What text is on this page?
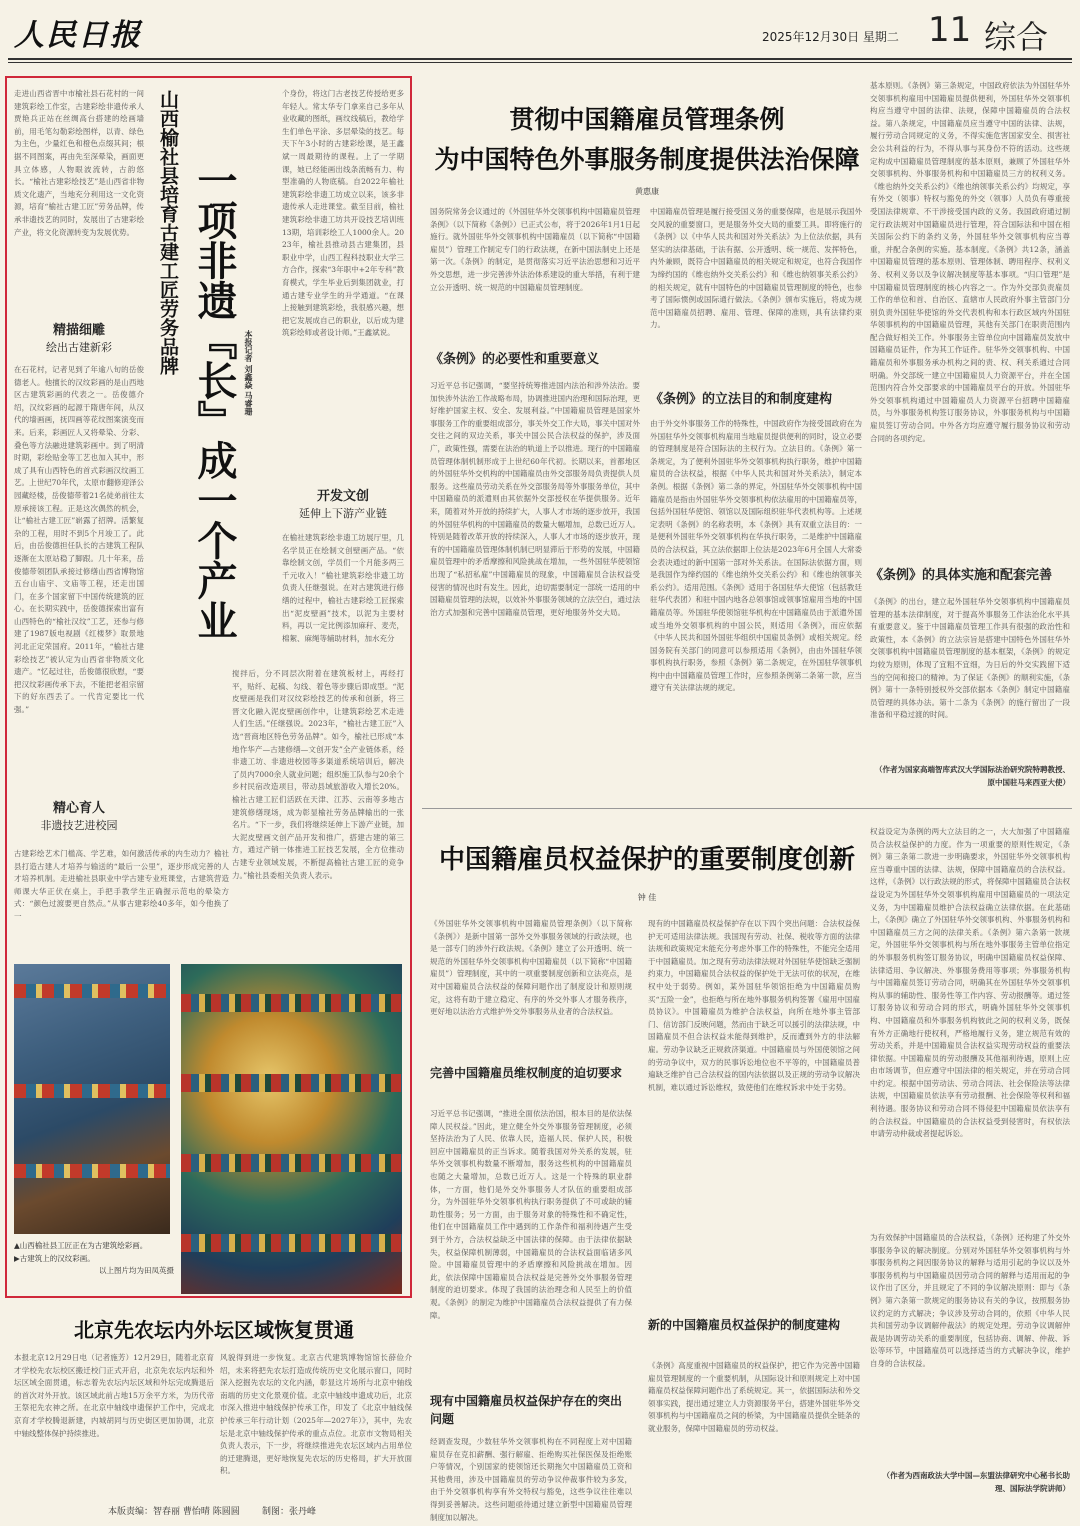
人民日报	2025年12月30日 星期二 11 综合
走进山西省晋中市榆社县石花村的一间建筑彩绘工作室，古建彩绘非遗传承人贾艳兵正站在丝绸高台搭建的绘画墙前，用毛笔勾勒彩绘图样，以青、绿色为主色，少量红色和橙色点缀其间；根据不同图案，再由先至深晕染，画面更具立体感，人物眼波流转，古韵悠长。“榆社古建彩绘技艺”是山西省非物质文化遗产，当地充分利用这一文化资源，培育“榆社古建工匠”劳务品牌，传承非遗技艺的同时，发展出了古建彩绘产业，将文化资源转变为发展优势。
精描细雕
绘出古建新彩
在石花村，记者见到了年逾八旬的岳俊德老人。他擅长的汉纹彩画的是山西地区古建筑彩画的代表之一。岳俊德介绍，汉纹彩画的起源于隋唐年间，从汉代的墙画画，抚四画等花纹图案演变而来。后来，彩画匠人又将晕染、分彩、叠色等方法融进建筑彩画中。到了明清时期，彩绘贴金等工艺也加入其中，形成了具有山西特色的首式彩画汉纹画工艺。上世纪70年代，太原市翻修迎泽公园藏经楼，岳俊德带着21名徒弟前往太原承接该工程。正是这次偶然的机会，让“榆社古建工匠”崭露了招牌。活繁复杂的工程，用时不到5个月竣工了。此后，由岳俊德担任队长的古建筑工程队逐渐在太原站稳了脚跟。几十年来，岳俊德带领团队承接过修缮山西省博物馆五台山庙宇、文庙等工程，还走出国门，在多个国家留下中国传统建筑的匠心。在长期实践中，岳俊德探索出富有山西特色的“榆社汉纹”工艺，还参与修建了1987版电视剧《红楼梦》取景地河北正定荣国府。2011年，“榆社古建彩绘技艺”被认定为山西省非物质文化遗产。“忆起过往，岳俊德很欣慰，“要把汉纹彩画传承下去，不能把老祖宗留下的好东西丢了。一代肯定要比一代强。”
精心育人
非遗技艺进校园
古建彩绘艺术门槛高、学艺难，如何激活传承的内生动力？榆社县打造古建人才培养与输送的“最后一公里”，逐步形成完善的人才培养机制。走进榆社县职业中学古建专业班课堂，古建筑营造师课大华正伏在桌上，手把手教学生正确握示范电的晕染方式：“颜色过渡要更自然点。”从事古建彩绘40多年，如今他换了一
山西榆社县培育古建工匠劳务品牌 一项非遗『长』成一个产业 本报记者 刘鑫焱 马睿珊
个身份，将这门古老技艺传授给更多年轻人。常太华专门拿来自己多年从业收藏的图纸，画纹线稿后，教给学生们单色平涂、多层晕染的技艺。每天下午3小时的古建彩绘课，是王鑫斌一周最期待的课程。上了一学期课，她已经能画出线条流畅有力、构型准确的人物底稿。自2022年榆社建筑彩绘非遗工坊成立以来，该多非遗传承人走进课堂。截至目前，榆社建筑彩绘非遗工坊共开设技艺培训班13期，培训彩绘工人1000余人。2023年，榆社县推动县古建集团，县职业中学，山西工程科技职业大学三方合作，探索“3年职中+2年专科”教育模式，学生毕业后到集团就业，打通古建专业学生的升学通道。“在课上接触到建筑彩绘，我很感兴趣，想把它发展成自己的职业，以后成为建筑彩绘师或者设计师。”王鑫斌说。
开发文创
延伸上下游产业链
在榆社建筑彩绘非遗工坊展厅里，几名学员正在绘制文创壁画产品。“依靠绘制文创，学员们一个月能多两三千元收入！”榆社建筑彩绘非遗工坊负责人任继强说。在对古建筑进行修缮的过程中，榆社古建彩绘工匠探索出“泥皮壁画”技术，以泥为主要材料，再以一定比例添加麻秆、麦壳，棉絮、麻绳等辅助材料，加水充分
搅拌后，分不同层次附着在建筑板材上，再经打平，贴纤、起稿、勾线、着色等步骤后即成型。“泥皮壁画是我们对汉纹彩绘技艺的传承和创新，将三晋文化融入泥皮壁画创作中，让建筑彩绘艺术走进人们生活。”任继强说。2023年，“榆社古建工匠”入选“晋商地区特色劳务品牌”。如今，榆社已形成“本地作华产—古建修缮—文创开发”全产业链体系，经非遗工坊、非遗进校园等多渠道系统培训后，解决了员内7000余人就业问题；组织施工队参与20余个乡村民宿改造项目，带动县域旅游收入增长20%。榆社古建工匠们活跃在天津、江苏、云南等多地古建筑修缮现场，成为彰显榆社劳务品牌输出的一张名片。“下一步，我们将继续延伸上下游产业链，加大泥皮壁画文创产品开发和推广，搭建古建的第三方，通过产销一体推进工匠技艺发展，全方位推动古建专业领域发展，不断提高榆社古建工匠的竞争力。”榆社县委相关负责人表示。
▲山西榆社县工匠正在为古建筑绘彩画。
▶古建筑上的汉纹彩画。
以上图片均为田凤英摄
贯彻中国籍雇员管理条例
为中国特色外事服务制度提供法治保障
黄惠康
国务院常务会议通过的《外国驻华外交领事机构中国籍雇员管理条例》（以下简称《条例》）已正式公布，将于2026年1月1日起施行。就外国驻华外交领事机构中国籍雇员（以下简称“中国籍雇员”）管理工作制定专门的行政法规，在新中国法制史上还是第一次。《条例》的制定，是贯彻落实习近平法治思想和习近平外交思想，进一步完善涉外法治体系建设的重大举措，有利于建立公开透明、统一规范的中国籍雇员管理制度。
《条例》的必要性和重要意义
习近平总书记强调，“要坚持统筹推进国内法治和涉外法治。要加快涉外法治工作战略布局，协调推进国内治理和国际治理，更好维护国家主权、安全、发展利益。”中国籍雇员管理是国家外事服务工作的重要组成部分，事关外交工作大局，事关中国对外交往之间的双边关系，事关中国公民合法权益的保护，涉及面广，政策性强，需要在法治的轨道上予以推进。现行的中国籍雇员管理体制机制形成于上世纪60年代初。长期以来，首都地区的外国驻华外交机构的中国籍雇员由外交部服务局负责提供人员服务。这些雇员劳动关系在外交部服务局等外事服务单位，其中中国籍雇员的派遣则由其依据外交部授权在华提供服务。近年来，随着对外开放的持续扩大，人事人才市场的逐步放开，我国的外国驻华机构的中国籍雇员的数量大幅增加，总数已近万人。特别是随着改革开放的持续深入，人事人才市场的逐步放开，现有的中国籍雇员管理体制机制已明显滞后于形势的发展，中国籍雇员管理中的矛盾摩擦和风险挑战在增加，一些外国驻华使领馆出现了“私招私雇”中国籍雇员的现象，中国籍雇员合法权益受侵害的情况也时有发生。因此，迫切需要制定一部统一适用的中国籍雇员管理的法规，以效补外事服务领域的立法空白，通过法治方式加强和完善中国籍雇员管理，更好地服务外交大局。
中国籍雇员管理是履行接受国义务的重要保障，也是展示我国外交风貌的重要窗口，更是服务外交大局的重要工具。即将施行的《条例》以《中华人民共和国对外关系法》为上位法依据，具有坚实的法律基础，于法有据、公开透明、统一规范、发挥特色，内外兼顾，既符合中国籍雇员的相关规定和规定，也符合我国作为缔约国的《维也纳外交关系公约》和《维也纳领事关系公约》的相关规定，就有中国特色的中国籍雇员管理制度的特色，也参考了国际惯例或国际通行做法。《条例》颁布实施后，将成为规范中国籍雇员招聘、雇用、管理、保障的准则，具有法律约束力。
《条例》的立法目的和制度建构
由于外交外事服务工作的特殊性，中国政府作为接受国政府在为外国驻华外交领事机构雇用当地雇员提供便利的同时，设立必要的管理制度是符合国际法的主权行为。立法目的。《条例》第一条规定，为了便利外国驻华外交领事机构执行职务，维护中国籍雇员的合法权益，根据《中华人民共和国对外关系法》，制定本条例。根据《条例》第二条的界定，外国驻华外交领事机构中国籍雇员是指由外国驻华外交领事机构依法雇用的中国籍雇员等，包括外国驻华使馆、领馆以及国际组织驻华代表机构等。上述规定表明《条例》的名称表明，本《条例》具有双重立法目的：一是便利外国驻华外交领事机构在华执行职务，二是维护中国籍雇员的合法权益，其立法依据即上位法是2023年6月全国人大常委会表决通过的新中国第一部对外关系法。在国际法依据方面，则是我国作为缔约国的《维也纳外交关系公约》和《维也纳领事关系公约》。适用范围。《条例》适用于各国驻华大使馆（包括教廷驻华代表团）和驻中国内地各总领事馆或领事馆雇用当地的中国籍雇员等。外国驻华使领馆驻华机构在中国籍雇员由于派遣外国或当地外交领事机构的中国公民，则适用《条例》，而应依据《中华人民共和国外国驻华组织中国雇员条例》或相关规定。经国务院有关部门的同意可以参照适用《条例》，由由外国驻华领事机构执行职务，参照《条例》第二条规定，在外国驻华领事机构中由中国籍雇员管理工作时，应参照条例第二条第一款，应当遵守有关法律法规的规定。
基本原则。《条例》第三条规定，中国政府依法为外国驻华外交领事机构雇用中国籍雇员提供便利，外国驻华外交领事机构应当遵守中国的法律、法规，保障中国籍雇员的合法权益。第八条规定，中国籍雇员应当遵守中国的法律、法规，履行劳动合同规定的义务，不得实施危害国家安全、损害社会公共利益的行为，不得从事与其身份不符的活动。这些规定构成中国籍雇员管理制度的基本原则，兼顾了外国驻华外交领事机构、外事服务机构和中国籍雇员三方的权利义务。《维也纳外交关系公约》《维也纳领事关系公约》均规定，享有外交（领事）特权与豁免的外交（领事）人员负有尊重接受国法律规章、不干涉接受国内政的义务。我国政府通过制定行政法规对中国籍雇员进行管理，符合国际法和中国在相关国际公约下的条约义务，外国驻华外交领事机构应当尊重，并配合条例的实施。基本制度。《条例》共12条，涵盖中国籍雇员管理的基本原则、管理体制、聘用程序、权利义务、权利义务以及争议解决制度等基本事项。“归口管理”是中国籍雇员管理制度的核心内容之一。作为外交部负责雇员工作的单位和首、自治区、直辖市人民政府外事主管部门分别负责外国驻华使馆的外交代表机构和本行政区域内外国驻华领事机构的中国籍雇员管理，其他有关部门在职责范围内配合做好相关工作。外事服务主管单位向中国籍雇员发放中国籍雇员证件，作为其工作证件。驻华外交领事机构、中国籍雇员和外事服务承办机构之间的责、权、利关系通过合同明确。外交部统一建立中国籍雇员人力资源平台，并在全国范围内符合外交部要求的中国籍雇员平台的开放。外国驻华外交领事机构通过中国籍雇员人力资源平台招聘中国籍雇员，与外事服务机构签订服务协议，外事服务机构与中国籍雇员签订劳动合同。中外各方均应遵守履行服务协议和劳动合同的各项约定。
《条例》的具体实施和配套完善
《条例》的出台，建立起外国驻华外交领事机构中国籍雇员管理的基本法律制度，对于提高外事服务工作法治化水平具有重要意义。鉴于中国籍雇员管理工作具有很强的政治性和政策性，本《条例》的立法宗旨是搭建中国特色外国驻华外交领事机构中国籍雇员管理制度的基本框架，《条例》的规定均较为原则，体现了宜粗不宜细，为日后的外交实践留下适当的空间和接口的精神。为了保证《条例》的顺利实施，《条例》第十一条特别授权外交部依据本《条例》制定中国籍雇员管理的具体办法。第十二条为《条例》的施行留出了一段准备和平稳过渡的时间。
（作者为国家高端智库武汉大学国际法治研究院特聘教授、原中国驻马来西亚大使）
中国籍雇员权益保护的重要制度创新
钟 佳
《外国驻华外交领事机构中国籍雇员管理条例》（以下简称《条例》）是新中国第一部外交外事服务领域的行政法规，也是一部专门的涉外行政法规。《条例》建立了公开透明、统一规范的外国驻华外交领事机构中国籍雇员（以下简称“中国籍雇员”）管理制度，其中的一项重要制度创新和立法亮点，是对中国籍雇员合法权益的保障问题作出了制度设计和原则规定，这将有助于建立稳定、有序的外交外事人才服务秩序，更好地以法治方式维护外交外事服务从业者的合法权益。
完善中国籍雇员维权制度的迫切要求
习近平总书记强调，“推进全面依法治国，根本目的是依法保障人民权益。”因此，建立健全外交外事服务管理制度，必须坚持法治为了人民、依靠人民，造福人民、保护人民，积极回应中国籍雇员的正当诉求。随着我国对外关系的发展，驻华外交领事机构数量不断增加，服务这些机构的中国籍雇员也随之大量增加，总数已近万人。这是一个特殊的职业群体，一方面，他们是外交外事服务人才队伍的重要组成部分，为外国驻华外交领事机构执行职务提供了不可或缺的辅助性服务；另一方面，由于服务对象的特殊性和不确定性，他们在中国籍雇员工作中遇到的工作条件和福利待遇产生受到于外方，合法权益缺乏中国法律的保障。由于法律依据缺失，权益保障机制薄弱，中国籍雇员的合法权益面临诸多风险。中国籍雇员管理中的矛盾摩擦和风险挑战在增加。因此，依法保障中国籍雇员合法权益是完善外交外事服务管理制度的迫切要求。体现了我国的法治理念和人民至上的价值观。《条例》的制定为维护中国籍雇员合法权益提供了有力保障。
现有中国籍雇员权益保护存在的突出问题
经调查发现，少数驻华外交领事机构在不同程度上对中国籍雇员存在克扣薪酬、强行解雇、拒绝购买社保医保及拒绝账户等情况，个别国家的使领馆还长期拖欠中国籍雇员工资和其他费用，涉及中国籍雇员的劳动争议仲裁事件较为多发，由于外交领事机构享有外交特权与豁免，这些争议往往难以得到妥善解决。这些问题亟待通过建立新型中国籍雇员管理制度加以解决。
现有的中国籍雇员权益保护存在以下四个突出问题：合法权益保护无可适用法律法规。我国现有劳动、社保、税收等方面的法律法规和政策规定未能充分考虑外事工作的特殊性，不能完全适用于中国籍雇员。加之现有劳动法律法规对外国驻华使馆缺乏强制约束力，中国籍雇员合法权益的保护处于无法可依的状况，在维权中处于弱势。例如，某外国驻华领馆拒绝为中国籍雇员购买“五险一金”，也拒绝与所在地外事服务机构签署《雇用中国雇员协议》。中国籍雇员为维护合法权益，向所在地外事主管部门、信访部门反映问题，然而由于缺乏可以援引的法律法规，中国籍雇员不但合法权益未能得到维护，反而遭到外方的非法解雇。劳动争议缺乏正规救济渠道。中国籍雇员与外国使领馆之间的劳动争议中，双方的民事诉讼地位也不平等的，中国籍雇员普遍缺乏维护自己合法权益的国内法依据以及正规的劳动争议解决机制，难以通过诉讼维权，致使他们在维权诉求中处于劣势。
新的中国籍雇员权益保护的制度建构
《条例》高度重视中国籍雇员的权益保护，把它作为完善中国籍雇员管理制度的一个重要机制，从国际设计和原则规定上对中国籍雇员权益保障问题作出了系统规定。其一，依据国际法和外交领事实践，提出通过建立人力资源服务平台，搭建外国驻华外交领事机构与中国籍雇员之间的桥梁，为中国籍雇员提供全链条的就业服务，保障中国籍雇员的劳动权益。
权益设定为条例的两大立法目的之一，大大加强了中国籍雇员合法权益保护的力度。作为一项重要的原则性规定，《条例》第三条第二款进一步明确要求，外国驻华外交领事机构应当尊重中国的法律、法规，保障中国籍雇员的合法权益。这样，《条例》以行政法规的形式，将保障中国籍雇员合法权益设定为外国驻华外交领事机构雇用中国籍雇员的一项法定义务，为中国籍雇员维护合法权益确立法律依据。在此基础上，《条例》确立了外国驻华外交领事机构、外事服务机构和中国籍雇员三方之间的法律关系。《条例》第六条第一款规定，外国驻华外交领事机构与所在地外事服务主管单位指定的外事服务机构签订服务协议，明确中国籍雇员权益保障、法律适用、争议解决、外事服务费用等事项；外事服务机构与中国籍雇员签订劳动合同，明确其在外国驻华外交领事机构从事的辅助性、服务性等工作内容、劳动报酬等。通过签订服务协议和劳动合同的形式，明确外国驻华外交领事机构、中国籍雇员和外事服务机构彼此之间的权利义务，既保有外方正确地行使权利，严格地履行义务，建立规范有效的劳动关系，并是中国籍雇员合法权益实现劳动权益的重要法律依据。中国籍雇员的劳动报酬及其他福利待遇，原则上应由市场调节，但应遵守中国法律的相关规定，并在劳动合同中约定。根据中国劳动法、劳动合同法、社会保险法等法律法规，中国籍雇员依法享有劳动报酬、社会保险等权利和福利待遇。服务协议和劳动合同不得侵犯中国籍雇员依法享有的合法权益。中国籍雇员的合法权益受到侵害时，有权依法申请劳动仲裁或者提起诉讼。
为有效保护中国籍雇员的合法权益，《条例》还构建了外交外事服务争议的解决制度。分别对外国驻华外交领事机构与外事服务机构之间因服务协议的解释与适用引起的争议以及外事服务机构与中国籍雇员因劳动合同的解释与适用而起的争议作出了区分，并且规定了不同的争议解决原则：即与《条例》第六条第一款规定的服务协议有关的争议，按照服务协议约定的方式解决；争议涉及劳动合同的，依照《中华人民共和国劳动争议调解仲裁法》的规定处理。劳动争议调解仲裁是协调劳动关系的重要制度，包括协商、调解、仲裁、诉讼等环节，中国籍雇员可以选择适当的方式解决争议，维护自身的合法权益。
（作者为西南政法大学中国—东盟法律研究中心秘书长助理、国际法学院讲师）
北京先农坛内外坛区域恢复贯通
本报北京12月29日电（记者施芳）12月29日，随着北京育才学校先农坛校区搬迁校门正式开启，北京先农坛内坛和外坛区域全面贯通，标志着先农坛内坛区域和外坛完成腾退后的首次对外开放。该区域此前占地15万余平方米，为历代帝王祭祀先农神之所。在北京中轴线申遗保护工作中，完成北京育才学校腾退新建，内城胡同与历史街区更加协调，北京中轴线整体保护持续推进。
风貌得到进一步恢复。北京古代建筑博物馆馆长薛俭介绍，未来将把先农坛打造成传统历史文化展示窗口，同时深入挖掘先农坛的文化内涵，彰显这片场所与北京中轴线南端的历史文化景观价值。北京中轴线申遗成功后，北京市深入推进中轴线保护传承工作，印发了《北京中轴线保护传承三年行动计划（2025年—2027年）》，其中，先农坛是北京中轴线保护传承的重点点位。北京市文物局相关负责人表示，下一步，将继续推进先农坛区域内占用单位的迁建腾退，更好地恢复先农坛的历史格局，扩大开放面积。
本版责编：智春丽 曹怡晴 陈圆圆 制图：张丹峰
